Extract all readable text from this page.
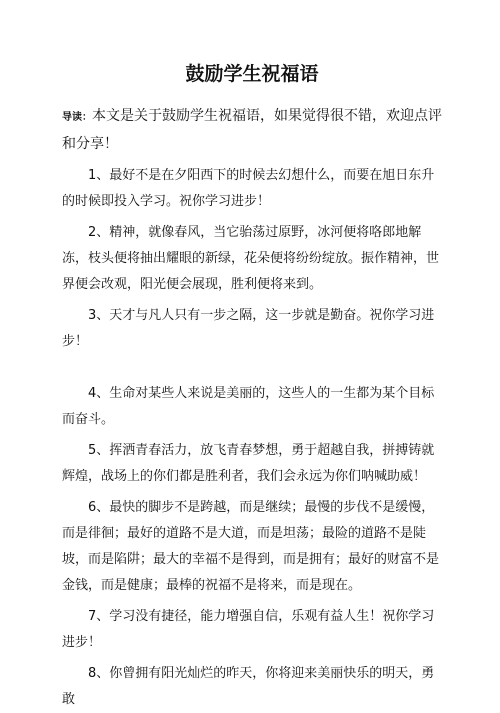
鼓励学生祝福语
导读：本文是关于鼓励学生祝福语，如果觉得很不错，欢迎点评和分享！
1、最好不是在夕阳西下的时候去幻想什么，而要在旭日东升的时候即投入学习。祝你学习进步！
2、精神，就像春风，当它骀荡过原野，冰河便将咯郎地解冻，枝头便将抽出耀眼的新绿，花朵便将纷纷绽放。振作精神，世界便会改观，阳光便会展现，胜利便将来到。
3、天才与凡人只有一步之隔，这一步就是勤奋。祝你学习进步！
4、生命对某些人来说是美丽的，这些人的一生都为某个目标而奋斗。
5、挥洒青春活力，放飞青春梦想，勇于超越自我，拼搏铸就辉煌，战场上的你们都是胜利者，我们会永远为你们呐喊助威！
6、最快的脚步不是跨越，而是继续；最慢的步伐不是缓慢，而是徘徊；最好的道路不是大道，而是坦荡；最险的道路不是陡坡，而是陷阱；最大的幸福不是得到，而是拥有；最好的财富不是金钱，而是健康；最棒的祝福不是将来，而是现在。
7、学习没有捷径，能力增强自信，乐观有益人生！祝你学习进步！
8、你曾拥有阳光灿烂的昨天，你将迎来美丽快乐的明天，勇敢
